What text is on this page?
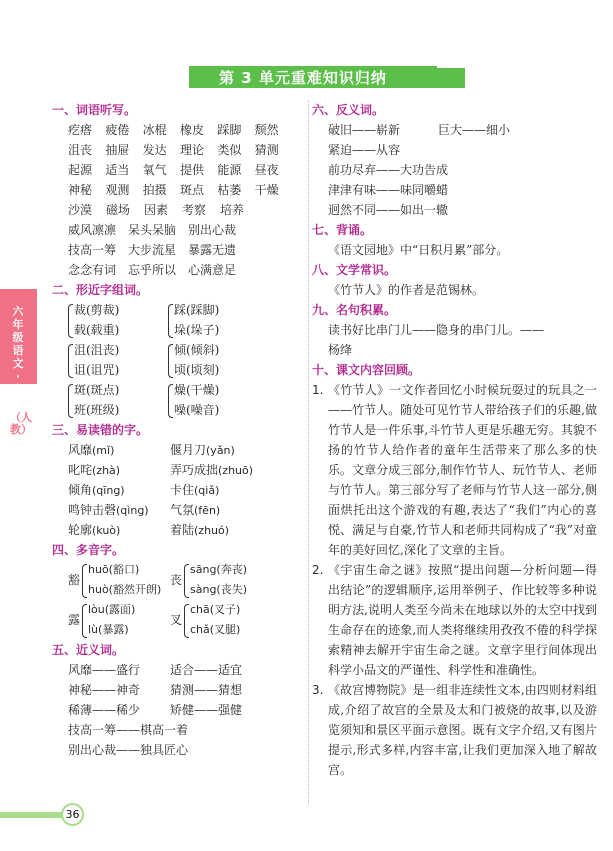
第 3 单元重难知识归纳
六年级语文·上
（人教）
一、词语听写。
疙瘩	疲倦	冰棍	橡皮	踩脚	颓然
沮丧	抽屉	发达	理论	类似	猜测
起源	适当	氧气	提供	能源	昼夜
神秘	观测	拍摄	斑点	枯萎	干燥
沙漠	磁场	因素	考察	培养
威风凛凛 呆头呆脑 别出心裁
技高一筹 大步流星 暴露无遗
念念有词 忘乎所以 心满意足
二、形近字组词。
裁(剪裁)
载(载重)
踩(踩脚)
垛(垛子)
沮(沮丧)
诅(诅咒)
倾(倾斜)
顷(顷刻)
斑(斑点)
班(班级)
燥(干燥)
噪(噪音)
三、易读错的字。
风靡(mǐ)	偃月刀(yǎn)
叱咤(zhà)	弄巧成拙(zhuō)
倾角(qīng)	卡住(qiǎ)
鸣钟击磬(qìng)	气氛(fēn)
轮廓(kuò)	着陆(zhuó)
四、多音字。
豁
huō(豁口)
huò(豁然开朗)
丧
sāng(奔丧)
sàng(丧失)
露
lòu(露面)
lù(暴露)
叉
chā(叉子)
chǎ(叉腿)
五、近义词。
风靡——盛行	适合——适宜
神秘——神奇	猜测——猜想
稀薄——稀少	矫健——强健
技高一筹——棋高一着
别出心裁——独具匠心
六、反义词。
破旧——崭新	巨大——细小
紧迫——从容
前功尽弃——大功告成
津津有味——味同嚼蜡
迥然不同——如出一辙
七、背诵。
《语文园地》中“日积月累”部分。
八、文学常识。
《竹节人》的作者是范锡林。
九、名句积累。
读书好比串门儿——隐身的串门儿。——
杨绛
十、课文内容回顾。
1. 《竹节人》一文作者回忆小时候玩耍过的玩具之一——竹节人。随处可见竹节人带给孩子们的乐趣,做竹节人是一件乐事,斗竹节人更是乐趣无穷。其貌不扬的竹节人给作者的童年生活带来了那么多的快乐。文章分成三部分,制作竹节人、玩竹节人、老师与竹节人。第三部分写了老师与竹节人这一部分,侧面烘托出这个游戏的有趣,表达了“我们”内心的喜悦、满足与自豪,竹节人和老师共同构成了“我”对童年的美好回忆,深化了文章的主旨。
2. 《宇宙生命之谜》按照“提出问题—分析问题—得出结论”的逻辑顺序,运用举例子、作比较等多种说明方法,说明人类至今尚未在地球以外的太空中找到生命存在的迹象,而人类将继续用孜孜不倦的科学探索精神去解开宇宙生命之谜。文章字里行间体现出科学小品文的严谨性、科学性和准确性。
3. 《故宫博物院》是一组非连续性文本,由四则材料组成,介绍了故宫的全景及太和门被烧的故事,以及游览须知和景区平面示意图。既有文字介绍,又有图片提示,形式多样,内容丰富,让我们更加深入地了解故宫。
36
